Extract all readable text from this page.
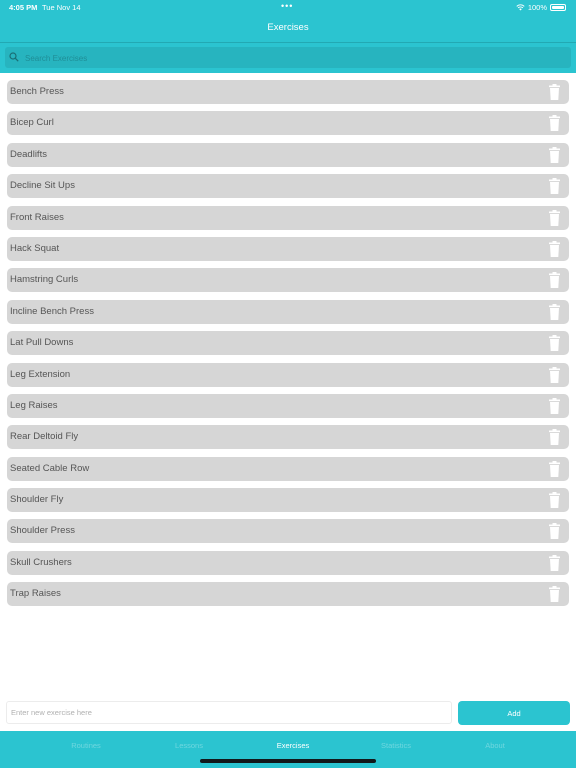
4:05 PM Tue Nov 14	•••	100%
Exercises
Search Exercises
Bench Press
Bicep Curl
Deadlifts
Decline Sit Ups
Front Raises
Hack Squat
Hamstring Curls
Incline Bench Press
Lat Pull Downs
Leg Extension
Leg Raises
Rear Deltoid Fly
Seated Cable Row
Shoulder Fly
Shoulder Press
Skull Crushers
Trap Raises
Enter new exercise here
Add
Routines	Lessons	Exercises	Statistics	About
